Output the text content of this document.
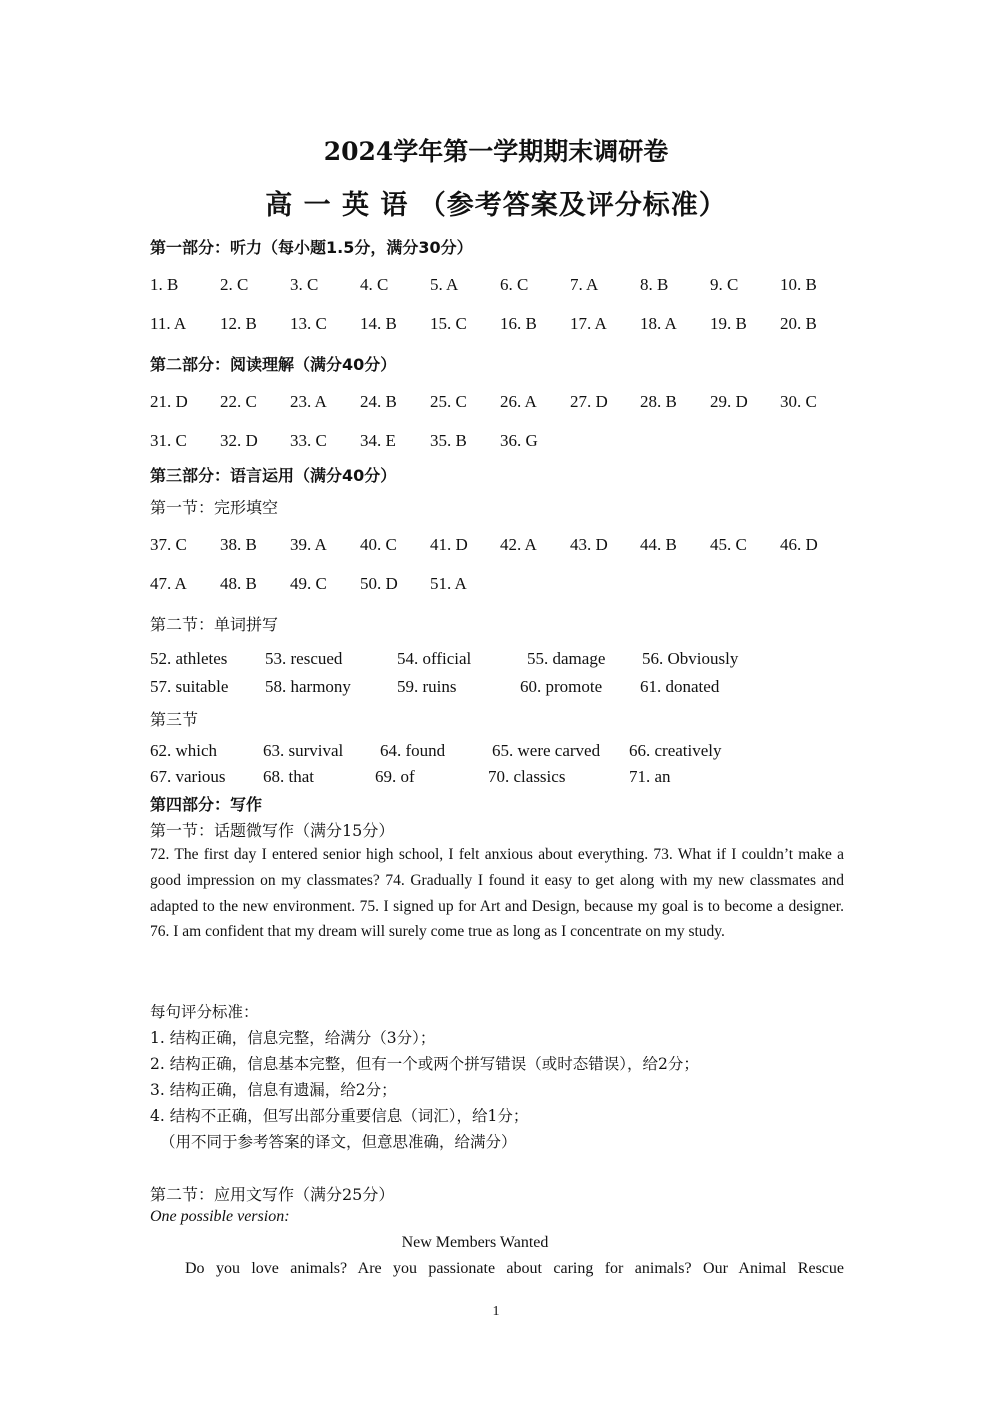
2024学年第一学期期末调研卷
高 一 英 语 （参考答案及评分标准）
第一部分：听力（每小题1.5分，满分30分）
1. B 2. C 3. C 4. C 5. A 6. C 7. A 8. B 9. C 10. B
11. A 12. B 13. C 14. B 15. C 16. B 17. A 18. A 19. B 20. B
第二部分：阅读理解（满分40分）
21. D 22. C 23. A 24. B 25. C 26. A 27. D 28. B 29. D 30. C
31. C 32. D 33. C 34. E 35. B 36. G
第三部分：语言运用（满分40分）
第一节：完形填空
37. C 38. B 39. A 40. C 41. D 42. A 43. D 44. B 45. C 46. D
47. A 48. B 49. C 50. D 51. A
第二节：单词拼写
52. athletes 53. rescued	54. official	55. damage 56. Obviously
57. suitable 58. harmony	59. ruins	60. promote 61. donated
第三节
62. which	63. survival 64. found	65. were carved 66. creatively
67. various 68. that	69. of	70. classics	71. an
第四部分：写作
第一节：话题微写作（满分15分）
72. The first day I entered senior high school, I felt anxious about everything. 73. What if I couldn’t make a good impression on my classmates? 74. Gradually I found it easy to get along with my new classmates and adapted to the new environment. 75. I signed up for Art and Design, because my goal is to become a designer. 76. I am confident that my dream will surely come true as long as I concentrate on my study.
每句评分标准：
1. 结构正确，信息完整，给满分（3分）；
2. 结构正确，信息基本完整，但有一个或两个拼写错误（或时态错误），给2分；
3. 结构正确，信息有遗漏，给2分；
4. 结构不正确，但写出部分重要信息（词汇），给1分；
（用不同于参考答案的译文，但意思准确，给满分）
第二节：应用文写作（满分25分）
One possible version:
New Members Wanted
Do you love animals? Are you passionate about caring for animals? Our Animal Rescue
1
